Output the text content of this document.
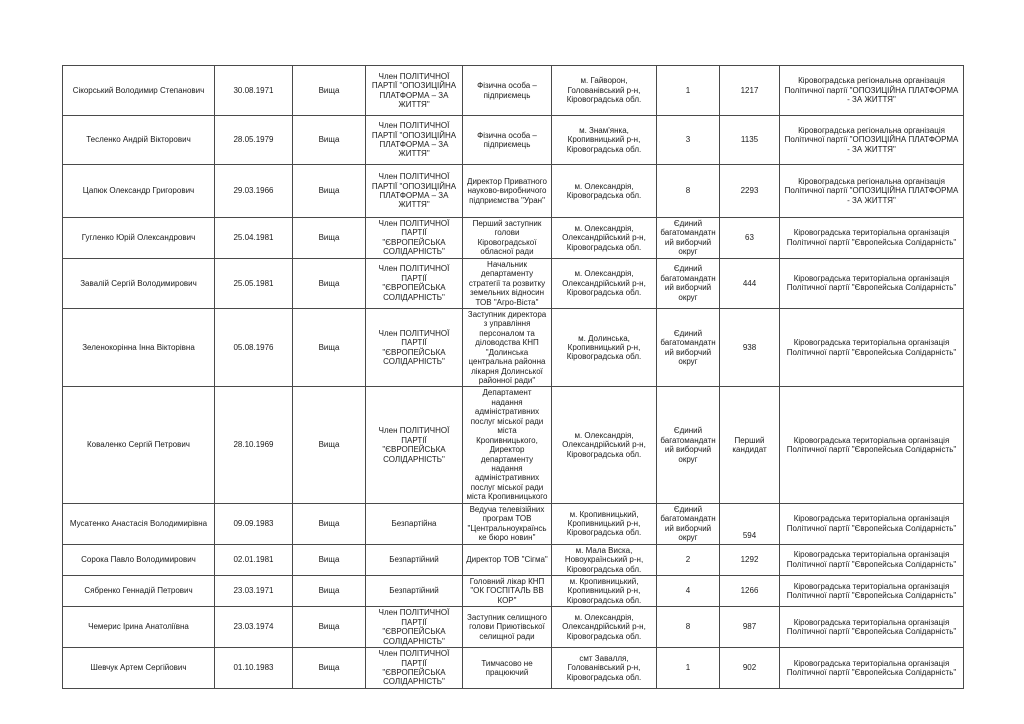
Сікорський Володимир Степанович	30.08.1971	Вища	Член ПОЛІТИЧНОЇ ПАРТІЇ "ОПОЗИЦІЙНА ПЛАТФОРМА – ЗА ЖИТТЯ"	Фізична особа – підприємець	м. Гайворон, Голованівський р-н, Кіровоградська обл.	1	1217	Кіровоградська регіональна організація Політичної партії "ОПОЗИЦІЙНА ПЛАТФОРМА - ЗА ЖИТТЯ"
Тесленко Андрій Вікторович	28.05.1979	Вища	Член ПОЛІТИЧНОЇ ПАРТІЇ "ОПОЗИЦІЙНА ПЛАТФОРМА – ЗА ЖИТТЯ"	Фізична особа – підприємець	м. Знам'янка, Кропивницький р-н, Кіровоградська обл.	3	1135	Кіровоградська регіональна організація Політичної партії "ОПОЗИЦІЙНА ПЛАТФОРМА - ЗА ЖИТТЯ"
Цапюк Олександр Григорович	29.03.1966	Вища	Член ПОЛІТИЧНОЇ ПАРТІЇ "ОПОЗИЦІЙНА ПЛАТФОРМА – ЗА ЖИТТЯ"	Директор Приватного науково-виробничого підприємства "Уран"	м. Олександрія, Кіровоградська обл.	8	2293	Кіровоградська регіональна організація Політичної партії "ОПОЗИЦІЙНА ПЛАТФОРМА - ЗА ЖИТТЯ"
Гугленко Юрій Олександрович	25.04.1981	Вища	Член ПОЛІТИЧНОЇ ПАРТІЇ "ЄВРОПЕЙСЬКА СОЛІДАРНІСТЬ"	Перший заступник голови Кіровоградської обласної ради	м. Олександрія, Олександрійський р-н, Кіровоградська обл.	Єдиний багатомандатний виборчий округ	63	Кіровоградська територіальна організація Політичної партії "Європейська Солідарність"
Завалій Сергій Володимирович	25.05.1981	Вища	Член ПОЛІТИЧНОЇ ПАРТІЇ "ЄВРОПЕЙСЬКА СОЛІДАРНІСТЬ"	Начальник департаменту стратегії та розвитку земельних відносин ТОВ "Агро-Віста"	м. Олександрія, Олександрійський р-н, Кіровоградська обл.	Єдиний багатомандатний виборчий округ	444	Кіровоградська територіальна організація Політичної партії "Європейська Солідарність"
Зеленокорінна Інна Вікторівна	05.08.1976	Вища	Член ПОЛІТИЧНОЇ ПАРТІЇ "ЄВРОПЕЙСЬКА СОЛІДАРНІСТЬ"	Заступник директора з управління персоналом та діловодства КНП "Долинська центральна районна лікарня Долинської районної ради"	м. Долинська, Кропивницький р-н, Кіровоградська обл.	Єдиний багатомандатний виборчий округ	938	Кіровоградська територіальна організація Політичної партії "Європейська Солідарність"
Коваленко Сергій Петрович	28.10.1969	Вища	Член ПОЛІТИЧНОЇ ПАРТІЇ "ЄВРОПЕЙСЬКА СОЛІДАРНІСТЬ"	Департамент надання адміністративних послуг міської ради міста Кропивницького, Директор департаменту надання адміністративних послуг міської ради міста Кропивницького	м. Олександрія, Олександрійський р-н, Кіровоградська обл.	Єдиний багатомандатний виборчий округ	Перший кандидат	Кіровоградська територіальна організація Політичної партії "Європейська Солідарність"
Мусатенко Анастасія Володимирівна	09.09.1983	Вища	Безпартійна	Ведуча телевізійних програм ТОВ "Центральноукраїнське бюро новин"	м. Кропивницький, Кропивницький р-н, Кіровоградська обл.	Єдиний багатомандатний виборчий округ	594	Кіровоградська територіальна організація Політичної партії "Європейська Солідарність"
Сорока Павло Володимирович	02.01.1981	Вища	Безпартійний	Директор ТОВ "Сігма"	м. Мала Виска, Новоукраїнський р-н, Кіровоградська обл.	2	1292	Кіровоградська територіальна організація Політичної партії "Європейська Солідарність"
Сябренко Геннадій Петрович	23.03.1971	Вища	Безпартійний	Головний лікар КНП "ОК ГОСПІТАЛЬ ВВ КОР"	м. Кропивницький, Кропивницький р-н, Кіровоградська обл.	4	1266	Кіровоградська територіальна організація Політичної партії "Європейська Солідарність"
Чемерис Ірина Анатоліївна	23.03.1974	Вища	Член ПОЛІТИЧНОЇ ПАРТІЇ "ЄВРОПЕЙСЬКА СОЛІДАРНІСТЬ"	Заступник селищного голови Приютівської селищної ради	м. Олександрія, Олександрійський р-н, Кіровоградська обл.	8	987	Кіровоградська територіальна організація Політичної партії "Європейська Солідарність"
Шевчук Артем Сергійович	01.10.1983	Вища	Член ПОЛІТИЧНОЇ ПАРТІЇ "ЄВРОПЕЙСЬКА СОЛІДАРНІСТЬ"	Тимчасово не працюючий	смт Завалля, Голованівський р-н, Кіровоградська обл.	1	902	Кіровоградська територіальна організація Політичної партії "Європейська Солідарність"
